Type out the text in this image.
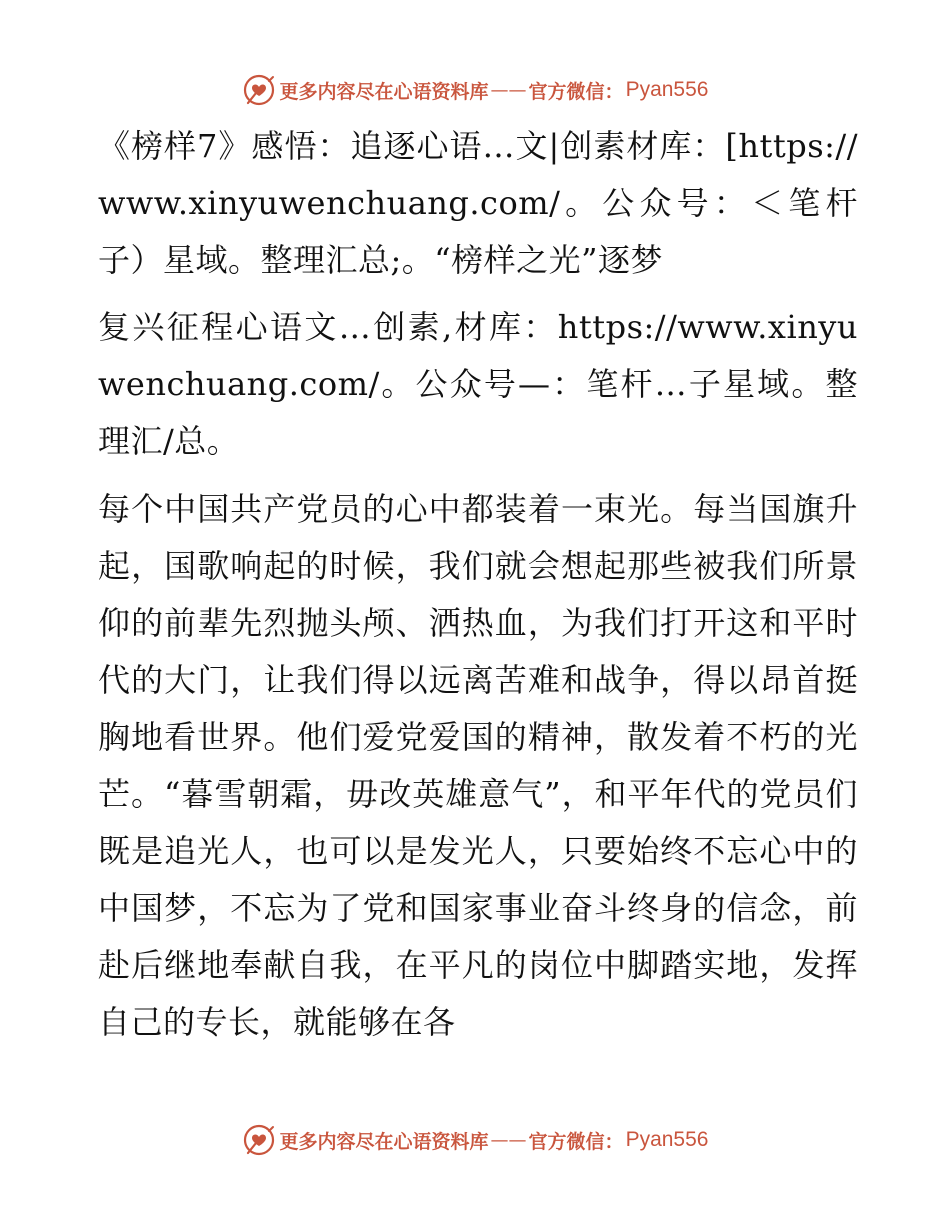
更多内容尽在心语资料库 —— 官方微信： Pyan556

《榜样7》感悟：追逐心语…文|创素材库：[https://www.xinyuwenchuang.com/。公众号：＜笔杆子）星域。整理汇总;。“榜样之光”逐梦

复兴征程心语文…创素,材库：https://www.xinyuwenchuang.com/。公众号—：笔杆…子星域。整理汇/总。

每个中国共产党员的心中都装着一束光。每当国旗升起，国歌响起的时候，我们就会想起那些被我们所景仰的前辈先烈抛头颅、洒热血，为我们打开这和平时代的大门，让我们得以远离苦难和战争，得以昂首挺胸地看世界。他们爱党爱国的精神，散发着不朽的光芒。“暮雪朝霜，毋改英雄意气”，和平年代的党员们既是追光人，也可以是发光人，只要始终不忘心中的中国梦，不忘为了党和国家事业奋斗终身的信念，前赴后继地奉献自我，在平凡的岗位中脚踏实地，发挥自己的专长，就能够在各

更多内容尽在心语资料库 —— 官方微信： Pyan556
